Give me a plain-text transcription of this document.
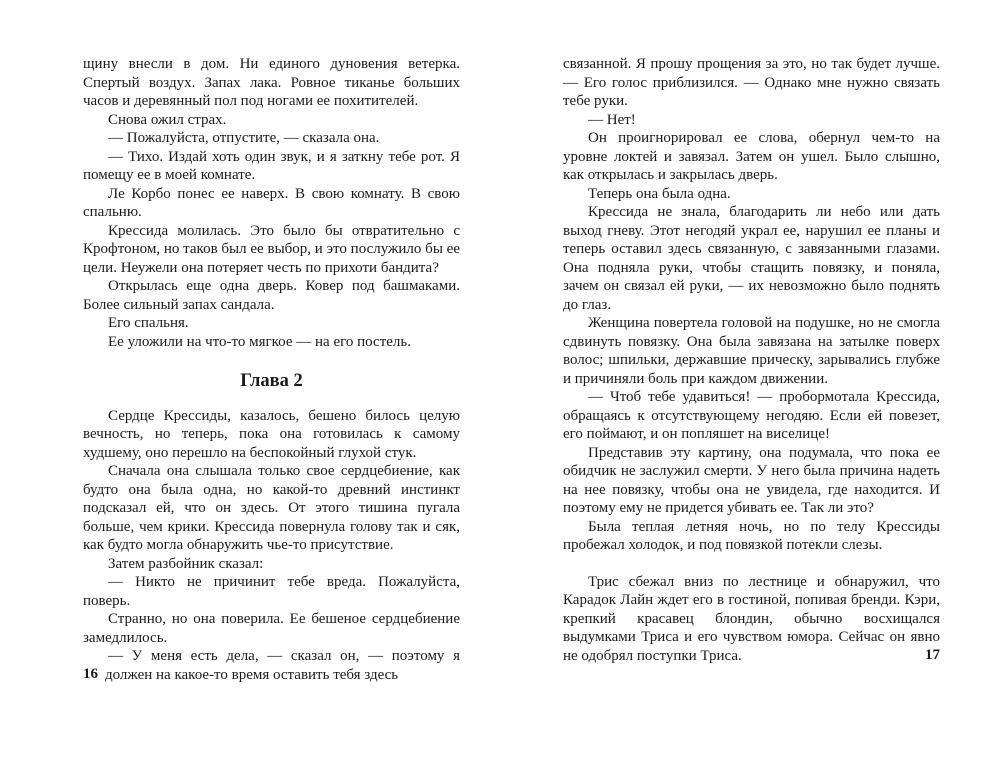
щину внесли в дом. Ни единого дуновения ветерка. Спертый воздух. Запах лака. Ровное тиканье больших часов и деревянный пол под ногами ее похитителей.

Снова ожил страх.

— Пожалуйста, отпустите, — сказала она.

— Тихо. Издай хоть один звук, и я заткну тебе рот. Я помещу ее в моей комнате.

Ле Корбо понес ее наверх. В свою комнату. В свою спальню.

Крессида молилась. Это было бы отвратительно с Крофтоном, но таков был ее выбор, и это послужило бы ее цели. Неужели она потеряет честь по прихоти бандита?

Открылась еще одна дверь. Ковер под башмаками. Более сильный запах сандала.

Его спальня.

Ее уложили на что-то мягкое — на его постель.

Глава 2

Сердце Крессиды, казалось, бешено билось целую вечность, но теперь, пока она готовилась к самому худшему, оно перешло на беспокойный глухой стук.

Сначала она слышала только свое сердцебиение, как будто она была одна, но какой-то древний инстинкт подсказал ей, что он здесь. От этого тишина пугала больше, чем крики. Крессида повернула голову так и сяк, как будто могла обнаружить чье-то присутствие.

Затем разбойник сказал:

— Никто не причинит тебе вреда. Пожалуйста, поверь.

Странно, но она поверила. Ее бешеное сердцебиение замедлилось.

— У меня есть дела, — сказал он, — поэтому я должен на какое-то время оставить тебя здесь

16

связанной. Я прошу прощения за это, но так будет лучше. — Его голос приблизился. — Однако мне нужно связать тебе руки.

— Нет!

Он проигнорировал ее слова, обернул чем-то на уровне локтей и завязал. Затем он ушел. Было слышно, как открылась и закрылась дверь.

Теперь она была одна.

Крессида не знала, благодарить ли небо или дать выход гневу. Этот негодяй украл ее, нарушил ее планы и теперь оставил здесь связанную, с завязанными глазами. Она подняла руки, чтобы стащить повязку, и поняла, зачем он связал ей руки, — их невозможно было поднять до глаз.

Женщина повертела головой на подушке, но не смогла сдвинуть повязку. Она была завязана на затылке поверх волос; шпильки, державшие прическу, зарывались глубже и причиняли боль при каждом движении.

— Чтоб тебе удавиться! — пробормотала Крессида, обращаясь к отсутствующему негодяю. Если ей повезет, его поймают, и он попляшет на виселице!

Представив эту картину, она подумала, что пока ее обидчик не заслужил смерти. У него была причина надеть на нее повязку, чтобы она не увидела, где находится. И поэтому ему не придется убивать ее. Так ли это?

Была теплая летняя ночь, но по телу Крессиды пробежал холодок, и под повязкой потекли слезы.

Трис сбежал вниз по лестнице и обнаружил, что Карадок Лайн ждет его в гостиной, попивая бренди. Кэри, крепкий красавец блондин, обычно восхищался выдумками Триса и его чувством юмора. Сейчас он явно не одобрял поступки Триса.	17
